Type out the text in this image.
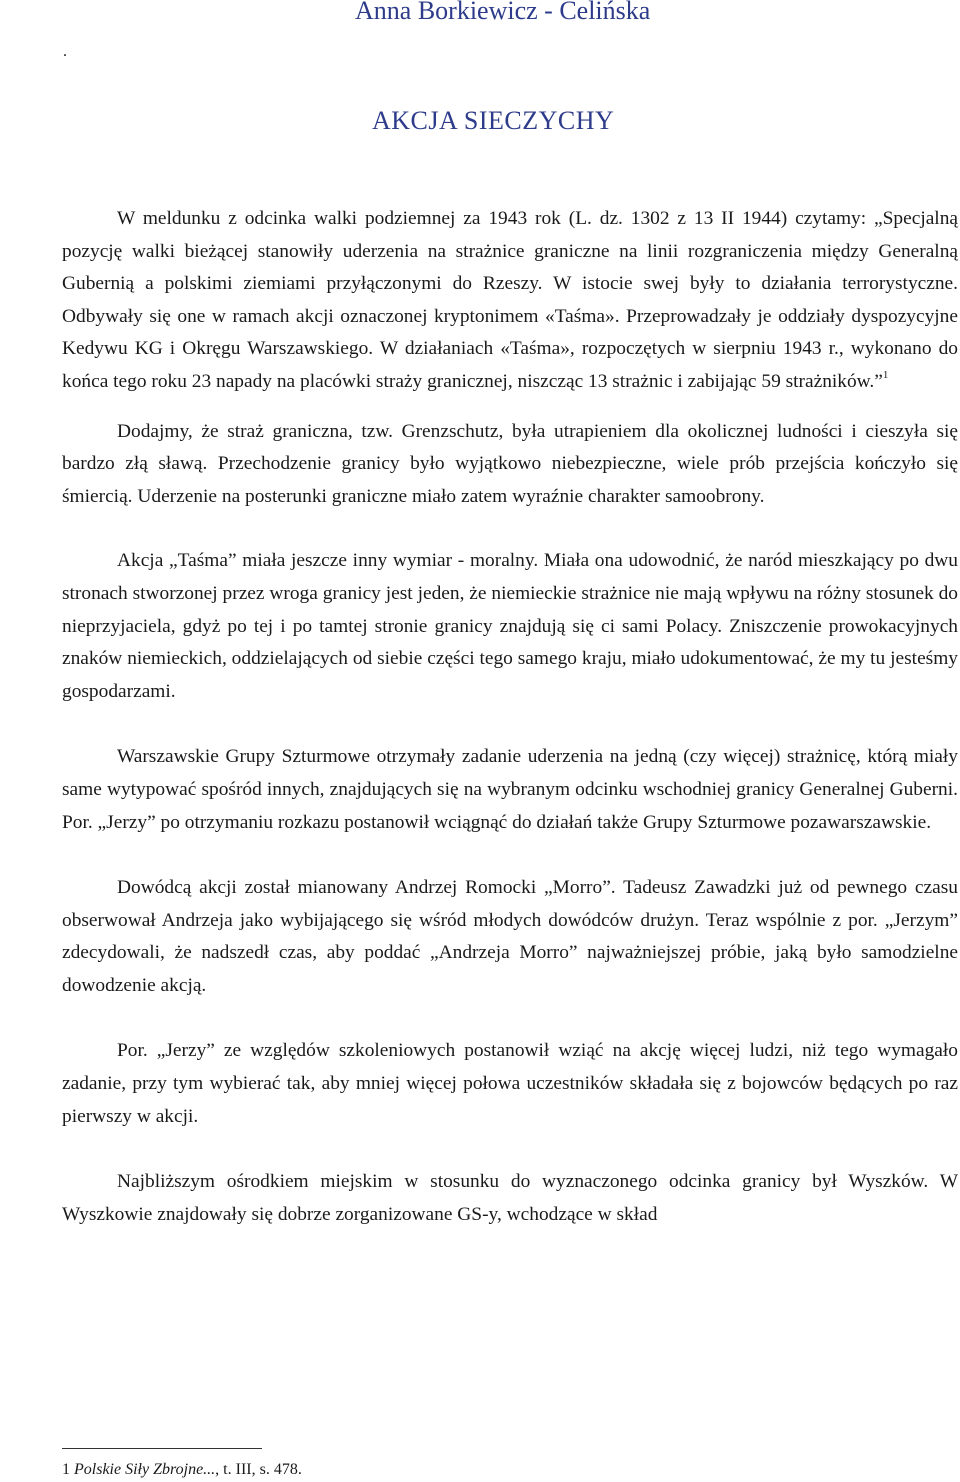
Anna Borkiewicz - Celińska
.
AKCJA SIECZYCHY

W meldunku z odcinka walki podziemnej za 1943 rok (L. dz. 1302 z 13 II 1944) czytamy: „Specjalną pozycję walki bieżącej stanowiły uderzenia na strażnice graniczne na linii rozgraniczenia między Generalną Gubernią a polskimi ziemiami przyłączonymi do Rzeszy. W istocie swej były to działania terrorystyczne. Odbywały się one w ramach akcji oznaczonej kryptonimem «Taśma». Przeprowadzały je oddziały dyspozycyjne Kedywu KG i Okręgu Warszawskiego. W działaniach «Taśma», rozpoczętych w sierpniu 1943 r., wykonano do końca tego roku 23 napady na placówki straży granicznej, niszcząc 13 strażnic i zabijając 59 strażników.”$^1$

Dodajmy, że straż graniczna, tzw. Grenzschutz, była utrapieniem dla okolicznej ludności i cieszyła się bardzo złą sławą. Przechodzenie granicy było wyjątkowo niebezpieczne, wiele prób przejścia kończyło się śmiercią. Uderzenie na posterunki graniczne miało zatem wyraźnie charakter samoobrony.

Akcja „Taśma” miała jeszcze inny wymiar - moralny. Miała ona udowodnić, że naród mieszkający po dwu stronach stworzonej przez wroga granicy jest jeden, że niemieckie strażnice nie mają wpływu na różny stosunek do nieprzyjaciela, gdyż po tej i po tamtej stronie granicy znajdują się ci sami Polacy. Zniszczenie prowokacyjnych znaków niemieckich, oddzielających od siebie części tego samego kraju, miało udokumentować, że my tu jesteśmy gospodarzami.

Warszawskie Grupy Szturmowe otrzymały zadanie uderzenia na jedną (czy więcej) strażnicę, którą miały same wytypować spośród innych, znajdujących się na wybranym odcinku wschodniej granicy Generalnej Guberni. Por. „Jerzy” po otrzymaniu rozkazu postanowił wciągnąć do działań także Grupy Szturmowe pozawarszawskie.

Dowódcą akcji został mianowany Andrzej Romocki „Morro”. Tadeusz Zawadzki już od pewnego czasu obserwował Andrzeja jako wybijającego się wśród młodych dowódców drużyn. Teraz wspólnie z por. „Jerzym” zdecydowali, że nadszedł czas, aby poddać „Andrzeja Morro” najważniejszej próbie, jaką było samodzielne dowodzenie akcją.

Por. „Jerzy” ze względów szkoleniowych postanowił wziąć na akcję więcej ludzi, niż tego wymagało zadanie, przy tym wybierać tak, aby mniej więcej połowa uczestników składała się z bojowców będących po raz pierwszy w akcji.

Najbliższym ośrodkiem miejskim w stosunku do wyznaczonego odcinka granicy był Wyszków. W Wyszkowie znajdowały się dobrze zorganizowane GS-y, wchodzące w skład

1 Polskie Siły Zbrojne..., t. III, s. 478.
